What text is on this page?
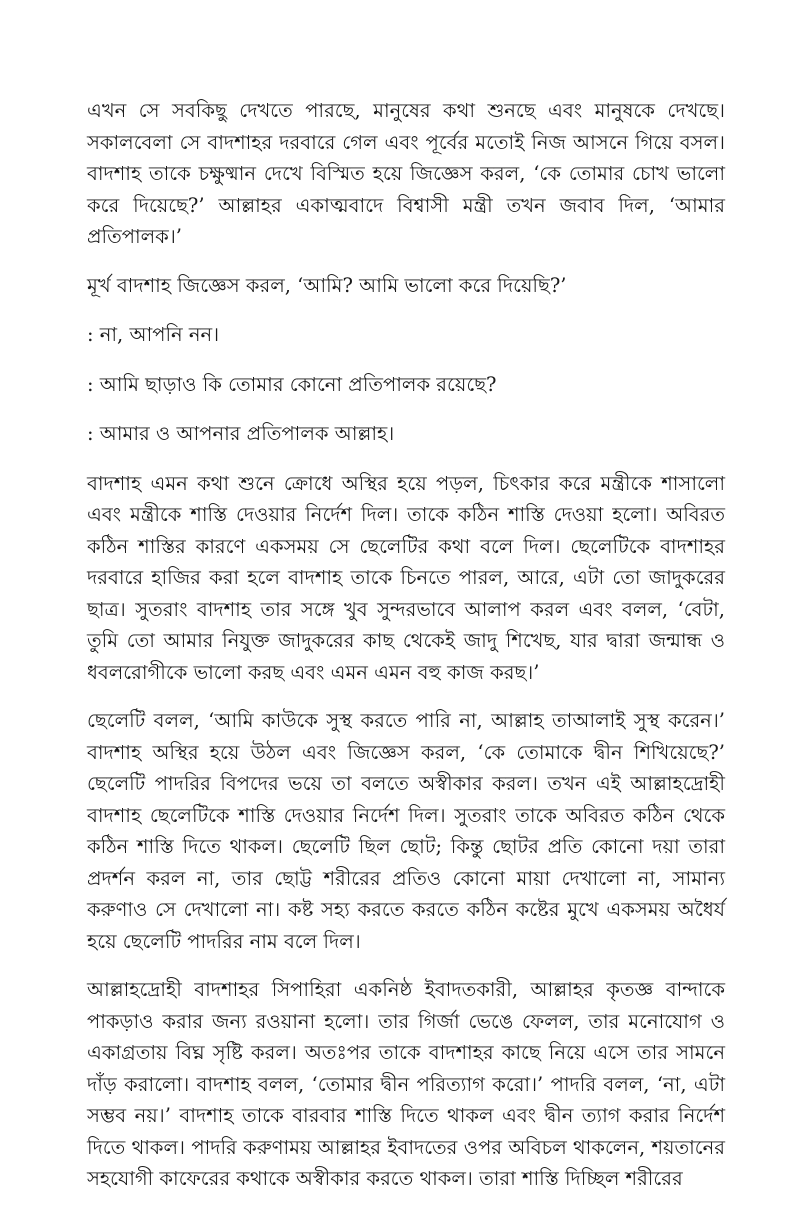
এখন সে সবকিছু দেখতে পারছে, মানুষের কথা শুনছে এবং মানুষকে দেখছে। সকালবেলা সে বাদশাহর দরবারে গেল এবং পূর্বের মতোই নিজ আসনে গিয়ে বসল। বাদশাহ তাকে চক্ষুষ্মান দেখে বিস্মিত হয়ে জিজ্ঞেস করল, ‘কে তোমার চোখ ভালো করে দিয়েছে?’ আল্লাহর একাত্মবাদে বিশ্বাসী মন্ত্রী তখন জবাব দিল, ‘আমার প্রতিপালক।’

মূর্খ বাদশাহ জিজ্ঞেস করল, ‘আমি? আমি ভালো করে দিয়েছি?’

: না, আপনি নন।

: আমি ছাড়াও কি তোমার কোনো প্রতিপালক রয়েছে?

: আমার ও আপনার প্রতিপালক আল্লাহ।

বাদশাহ এমন কথা শুনে ক্রোধে অস্থির হয়ে পড়ল, চিৎকার করে মন্ত্রীকে শাসালো এবং মন্ত্রীকে শাস্তি দেওয়ার নির্দেশ দিল। তাকে কঠিন শাস্তি দেওয়া হলো। অবিরত কঠিন শাস্তির কারণে একসময় সে ছেলেটির কথা বলে দিল। ছেলেটিকে বাদশাহর দরবারে হাজির করা হলে বাদশাহ তাকে চিনতে পারল, আরে, এটা তো জাদুকরের ছাত্র। সুতরাং বাদশাহ তার সঙ্গে খুব সুন্দরভাবে আলাপ করল এবং বলল, ‘বেটা, তুমি তো আমার নিযুক্ত জাদুকরের কাছ থেকেই জাদু শিখেছ, যার দ্বারা জন্মান্ধ ও ধবলরোগীকে ভালো করছ এবং এমন এমন বহু কাজ করছ।’

ছেলেটি বলল, ‘আমি কাউকে সুস্থ করতে পারি না, আল্লাহ তাআলাই সুস্থ করেন।’ বাদশাহ অস্থির হয়ে উঠল এবং জিজ্ঞেস করল, ‘কে তোমাকে দ্বীন শিখিয়েছে?’ ছেলেটি পাদরির বিপদের ভয়ে তা বলতে অস্বীকার করল। তখন এই আল্লাহদ্রোহী বাদশাহ ছেলেটিকে শাস্তি দেওয়ার নির্দেশ দিল। সুতরাং তাকে অবিরত কঠিন থেকে কঠিন শাস্তি দিতে থাকল। ছেলেটি ছিল ছোট; কিন্তু ছোটর প্রতি কোনো দয়া তারা প্রদর্শন করল না, তার ছোট্ট শরীরের প্রতিও কোনো মায়া দেখালো না, সামান্য করুণাও সে দেখালো না। কষ্ট সহ্য করতে করতে কঠিন কষ্টের মুখে একসময় অধৈর্য হয়ে ছেলেটি পাদরির নাম বলে দিল।

আল্লাহদ্রোহী বাদশাহর সিপাহিরা একনিষ্ঠ ইবাদতকারী, আল্লাহর কৃতজ্ঞ বান্দাকে পাকড়াও করার জন্য রওয়ানা হলো। তার গির্জা ভেঙে ফেলল, তার মনোযোগ ও একাগ্রতায় বিঘ্ন সৃষ্টি করল। অতঃপর তাকে বাদশাহর কাছে নিয়ে এসে তার সামনে দাঁড় করালো। বাদশাহ বলল, ‘তোমার দ্বীন পরিত্যাগ করো।’ পাদরি বলল, ‘না, এটা সম্ভব নয়।’ বাদশাহ তাকে বারবার শাস্তি দিতে থাকল এবং দ্বীন ত্যাগ করার নির্দেশ দিতে থাকল। পাদরি করুণাময় আল্লাহর ইবাদতের ওপর অবিচল থাকলেন, শয়তানের সহযোগী কাফেরের কথাকে অস্বীকার করতে থাকল। তারা শাস্তি দিচ্ছিল শরীরের
